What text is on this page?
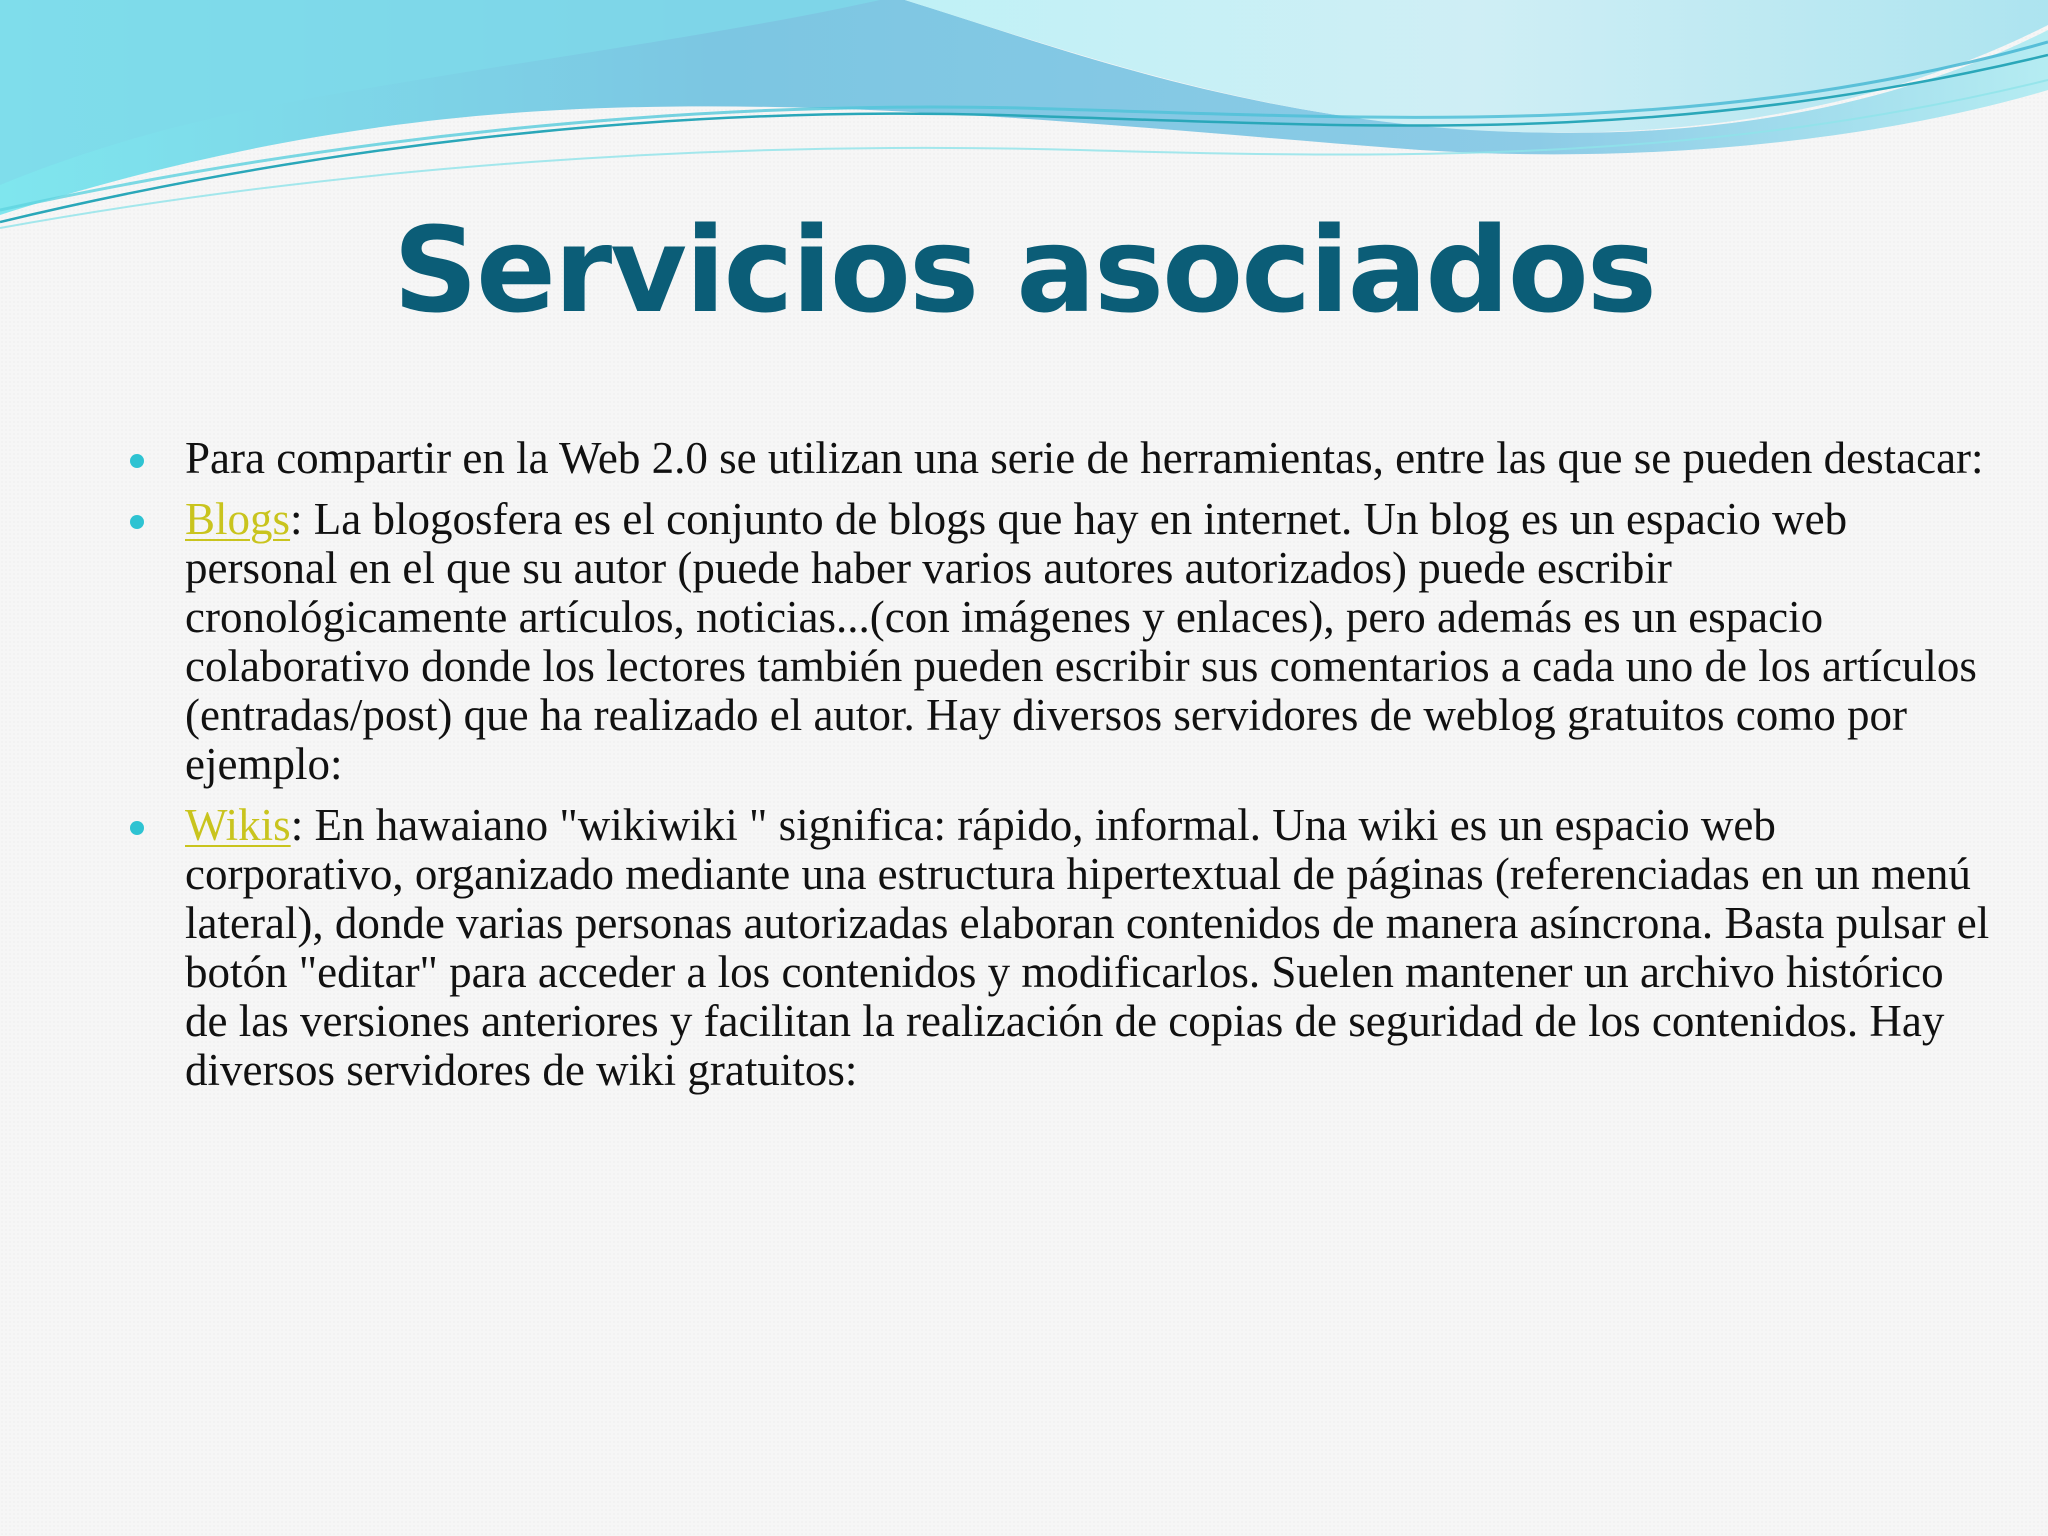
Servicios asociados
Para compartir en la Web 2.0 se utilizan una serie de herramientas, entre las que se pueden destacar:
Blogs: La blogosfera es el conjunto de blogs que hay en internet. Un blog es un espacio web personal en el que su autor (puede haber varios autores autorizados) puede escribir cronológicamente artículos, noticias...(con imágenes y enlaces), pero además es un espacio colaborativo donde los lectores también pueden escribir sus comentarios a cada uno de los artículos (entradas/post) que ha realizado el autor. Hay diversos servidores de weblog gratuitos como por ejemplo:
Wikis: En hawaiano "wikiwiki " significa: rápido, informal. Una wiki es un espacio web corporativo, organizado mediante una estructura hipertextual de páginas (referenciadas en un menú lateral), donde varias personas autorizadas elaboran contenidos de manera asíncrona. Basta pulsar el botón "editar" para acceder a los contenidos y modificarlos. Suelen mantener un archivo histórico de las versiones anteriores y facilitan la realización de copias de seguridad de los contenidos. Hay diversos servidores de wiki gratuitos:
